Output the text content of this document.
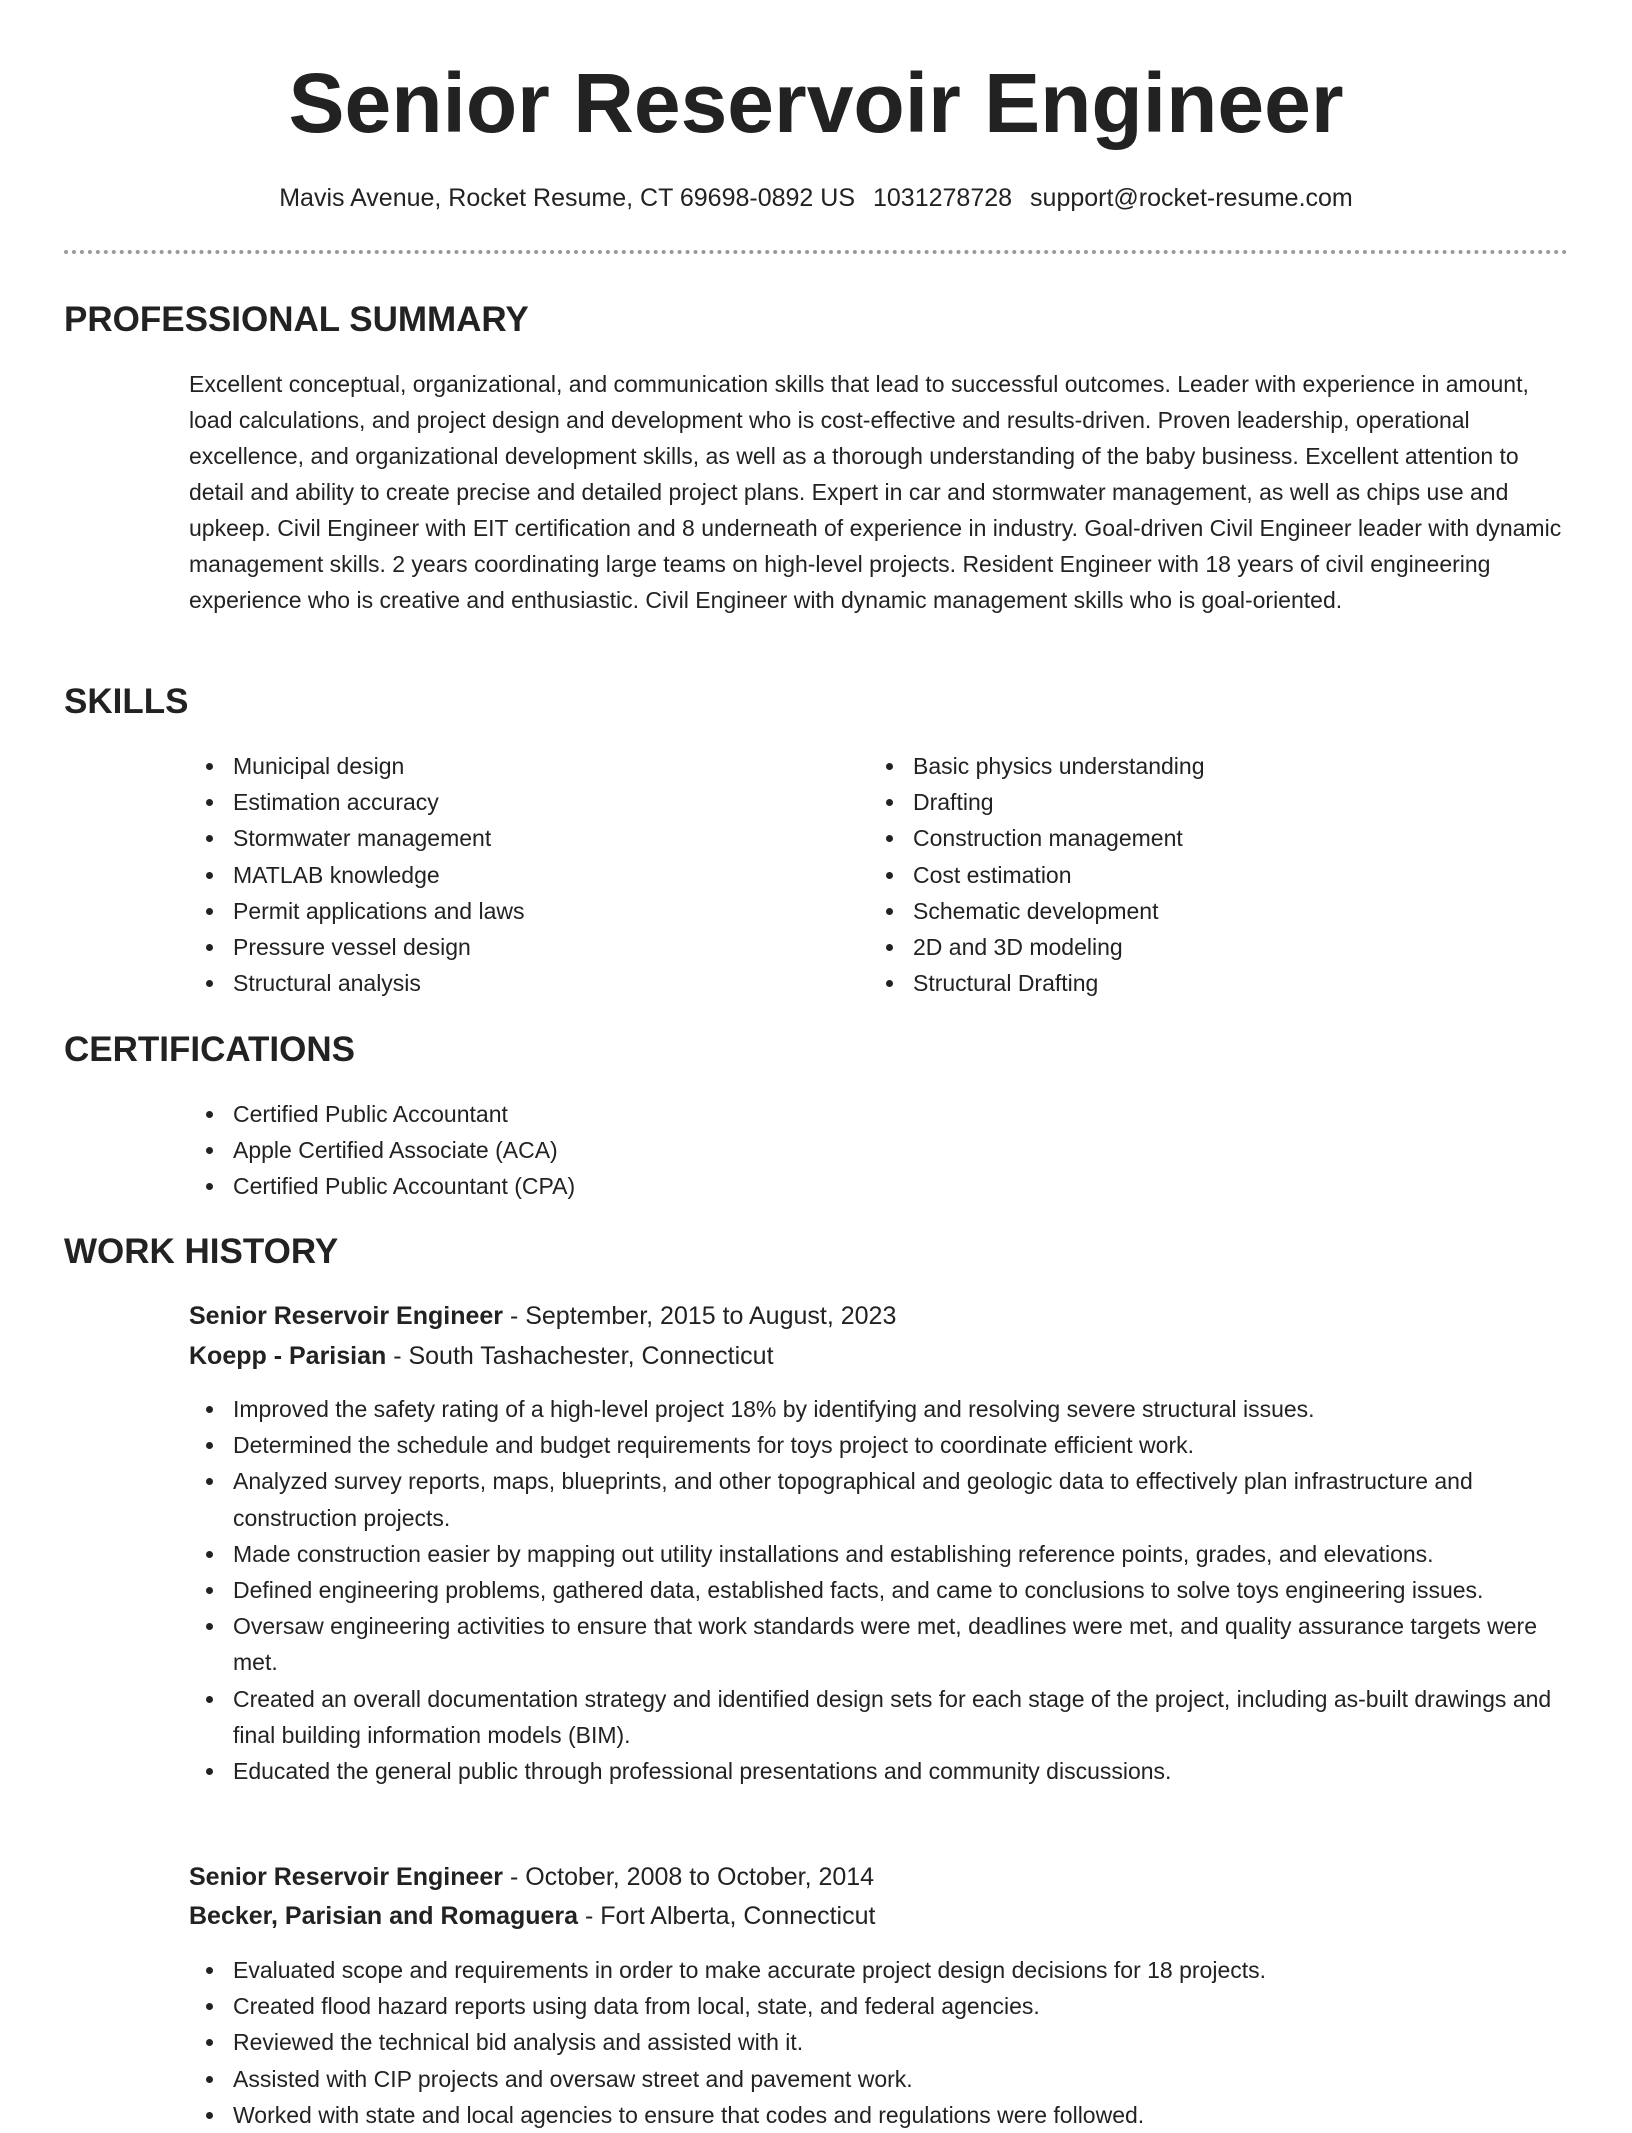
Senior Reservoir Engineer
Mavis Avenue, Rocket Resume, CT 69698-0892 US 1031278728 support@rocket-resume.com
PROFESSIONAL SUMMARY

Excellent conceptual, organizational, and communication skills that lead to successful outcomes. Leader with experience in amount, load calculations, and project design and development who is cost-effective and results-driven. Proven leadership, operational excellence, and organizational development skills, as well as a thorough understanding of the baby business. Excellent attention to detail and ability to create precise and detailed project plans. Expert in car and stormwater management, as well as chips use and upkeep. Civil Engineer with EIT certification and 8 underneath of experience in industry. Goal-driven Civil Engineer leader with dynamic management skills. 2 years coordinating large teams on high-level projects. Resident Engineer with 18 years of civil engineering experience who is creative and enthusiastic. Civil Engineer with dynamic management skills who is goal-oriented.

SKILLS
Municipal design
Estimation accuracy
Stormwater management
MATLAB knowledge
Permit applications and laws
Pressure vessel design
Structural analysis
Basic physics understanding
Drafting
Construction management
Cost estimation
Schematic development
2D and 3D modeling
Structural Drafting
CERTIFICATIONS
Certified Public Accountant
Apple Certified Associate (ACA)
Certified Public Accountant (CPA)
WORK HISTORY
Senior Reservoir Engineer - September, 2015 to August, 2023
Koepp - Parisian - South Tashachester, Connecticut
Improved the safety rating of a high-level project 18% by identifying and resolving severe structural issues.
Determined the schedule and budget requirements for toys project to coordinate efficient work.
Analyzed survey reports, maps, blueprints, and other topographical and geologic data to effectively plan infrastructure and construction projects.
Made construction easier by mapping out utility installations and establishing reference points, grades, and elevations.
Defined engineering problems, gathered data, established facts, and came to conclusions to solve toys engineering issues.
Oversaw engineering activities to ensure that work standards were met, deadlines were met, and quality assurance targets were met.
Created an overall documentation strategy and identified design sets for each stage of the project, including as-built drawings and final building information models (BIM).
Educated the general public through professional presentations and community discussions.
Senior Reservoir Engineer - October, 2008 to October, 2014
Becker, Parisian and Romaguera - Fort Alberta, Connecticut
Evaluated scope and requirements in order to make accurate project design decisions for 18 projects.
Created flood hazard reports using data from local, state, and federal agencies.
Reviewed the technical bid analysis and assisted with it.
Assisted with CIP projects and oversaw street and pavement work.
Worked with state and local agencies to ensure that codes and regulations were followed.
